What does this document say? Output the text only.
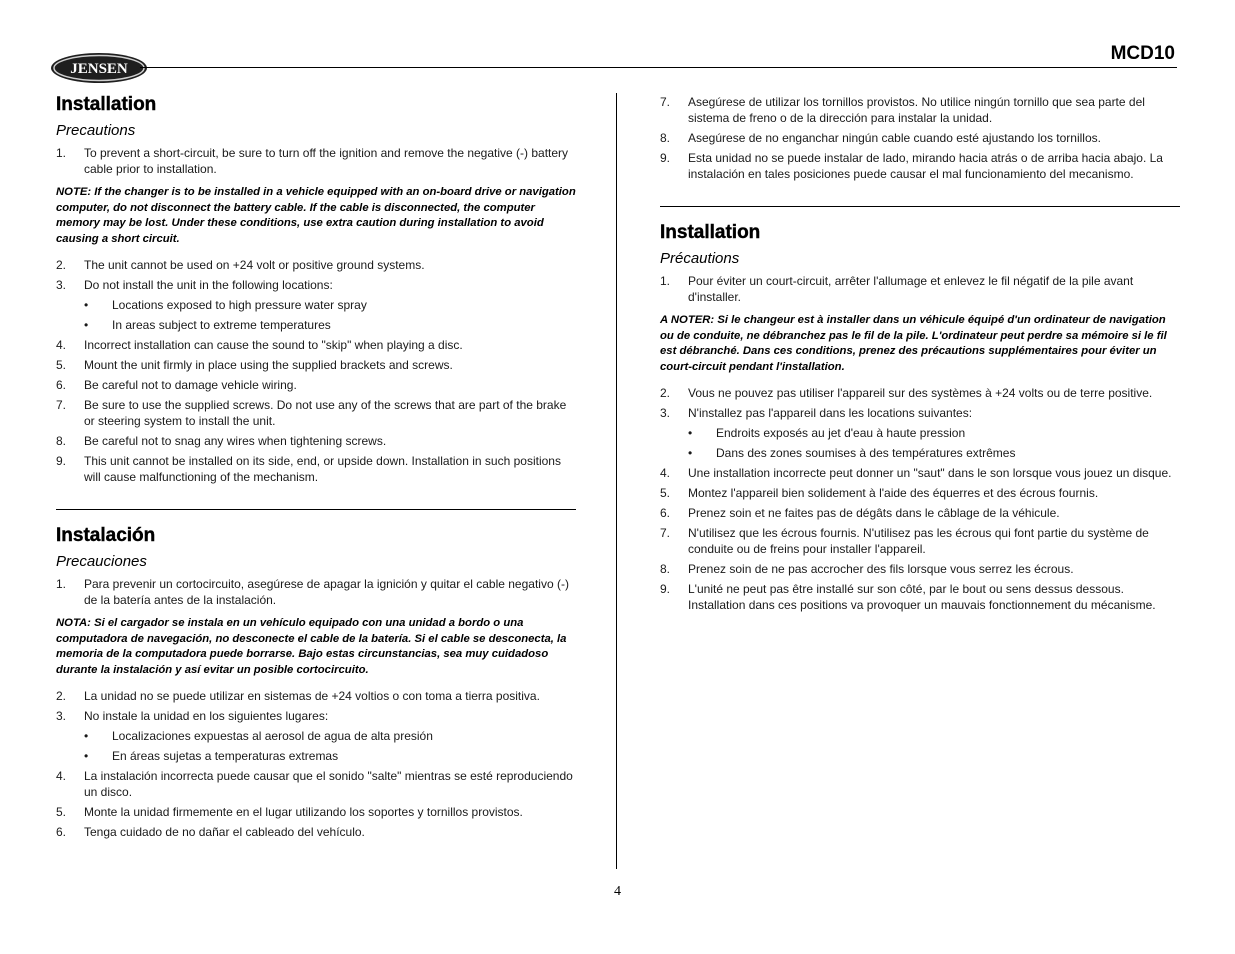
JENSEN
MCD10
Installation
Precautions
1.	To prevent a short-circuit, be sure to turn off the ignition and remove the negative (-) battery cable prior to installation.
NOTE: If the changer is to be installed in a vehicle equipped with an on-board drive or navigation computer, do not disconnect the battery cable. If the cable is disconnected, the computer memory may be lost. Under these conditions, use extra caution during installation to avoid causing a short circuit.
2.	The unit cannot be used on +24 volt or positive ground systems.
3.	Do not install the unit in the following locations:
•	Locations exposed to high pressure water spray
•	In areas subject to extreme temperatures
4.	Incorrect installation can cause the sound to "skip" when playing a disc.
5.	Mount the unit firmly in place using the supplied brackets and screws.
6.	Be careful not to damage vehicle wiring.
7.	Be sure to use the supplied screws. Do not use any of the screws that are part of the brake or steering system to install the unit.
8.	Be careful not to snag any wires when tightening screws.
9.	This unit cannot be installed on its side, end, or upside down. Installation in such positions will cause malfunctioning of the mechanism.
Instalación
Precauciones
1.	Para prevenir un cortocircuito, asegúrese de apagar la ignición y quitar el cable negativo (-) de la batería antes de la instalación.
NOTA: Si el cargador se instala en un vehículo equipado con una unidad a bordo o una computadora de navegación, no desconecte el cable de la batería. Si el cable se desconecta, la memoria de la computadora puede borrarse. Bajo estas circunstancias, sea muy cuidadoso durante la instalación y así evitar un posible cortocircuito.
2.	La unidad no se puede utilizar en sistemas de +24 voltios o con toma a tierra positiva.
3.	No instale la unidad en los siguientes lugares:
•	Localizaciones expuestas al aerosol de agua de alta presión
•	En áreas sujetas a temperaturas extremas
4.	La instalación incorrecta puede causar que el sonido "salte" mientras se esté reproduciendo un disco.
5.	Monte la unidad firmemente en el lugar utilizando los soportes y tornillos provistos.
6.	Tenga cuidado de no dañar el cableado del vehículo.
7.	Asegúrese de utilizar los tornillos provistos. No utilice ningún tornillo que sea parte del sistema de freno o de la dirección para instalar la unidad.
8.	Asegúrese de no enganchar ningún cable cuando esté ajustando los tornillos.
9.	Esta unidad no se puede instalar de lado, mirando hacia atrás o de arriba hacia abajo. La instalación en tales posiciones puede causar el mal funcionamiento del mecanismo.
Installation
Précautions
1.	Pour éviter un court-circuit, arrêter l'allumage et enlevez le fil négatif de la pile avant d'installer.
A NOTER: Si le changeur est à installer dans un véhicule équipé d'un ordinateur de navigation ou de conduite, ne débranchez pas le fil de la pile. L'ordinateur peut perdre sa mémoire si le fil est débranché. Dans ces conditions, prenez des précautions supplémentaires pour éviter un court-circuit pendant l'installation.
2.	Vous ne pouvez pas utiliser l'appareil sur des systèmes à +24 volts ou de terre positive.
3.	N'installez pas l'appareil dans les locations suivantes:
•	Endroits exposés au jet d'eau à haute pression
•	Dans des zones soumises à des températures extrêmes
4.	Une installation incorrecte peut donner un "saut" dans le son lorsque vous jouez un disque.
5.	Montez l'appareil bien solidement à l'aide des équerres et des écrous fournis.
6.	Prenez soin et ne faites pas de dégâts dans le câblage de la véhicule.
7.	N'utilisez que les écrous fournis. N'utilisez pas les écrous qui font partie du système de conduite ou de freins pour installer l'appareil.
8.	Prenez soin de ne pas accrocher des fils lorsque vous serrez les écrous.
9.	L'unité ne peut pas être installé sur son côté, par le bout ou sens dessus dessous. Installation dans ces positions va provoquer un mauvais fonctionnement du mécanisme.
4
